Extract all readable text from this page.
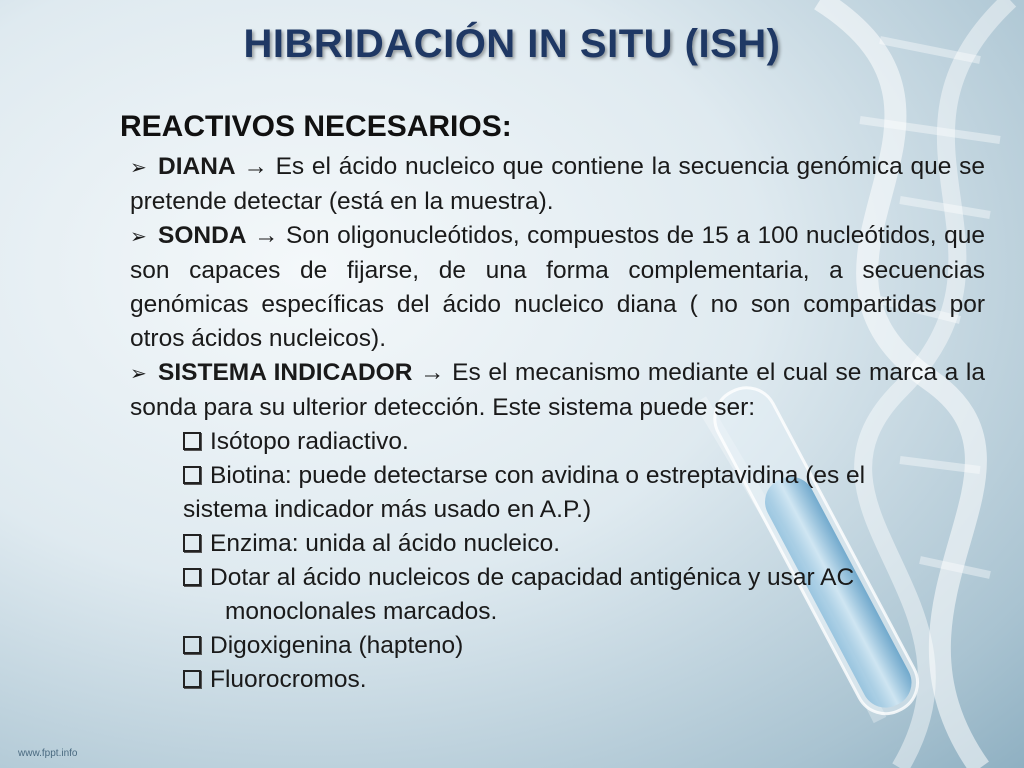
HIBRIDACIÓN IN SITU (ISH)
REACTIVOS NECESARIOS:

➢ DIANA → Es el ácido nucleico que contiene la secuencia genómica que se pretende detectar (está en la muestra).

➢ SONDA → Son oligonucleótidos, compuestos de 15 a 100 nucleótidos, que son capaces de fijarse, de una forma complementaria, a secuencias genómicas específicas del ácido nucleico diana ( no son compartidas por otros ácidos nucleicos).

➢ SISTEMA INDICADOR → Es el mecanismo mediante el cual se marca a la sonda para su ulterior detección. Este sistema puede ser:

Isótopo radiactivo.

Biotina: puede detectarse con avidina o estreptavidina (es el
sistema indicador más usado en A.P.)

Enzima: unida al ácido nucleico.

Dotar al ácido nucleicos de capacidad antigénica y usar AC
monoclonales marcados.

Digoxigenina (hapteno)

Fluorocromos.

www.fppt.info
